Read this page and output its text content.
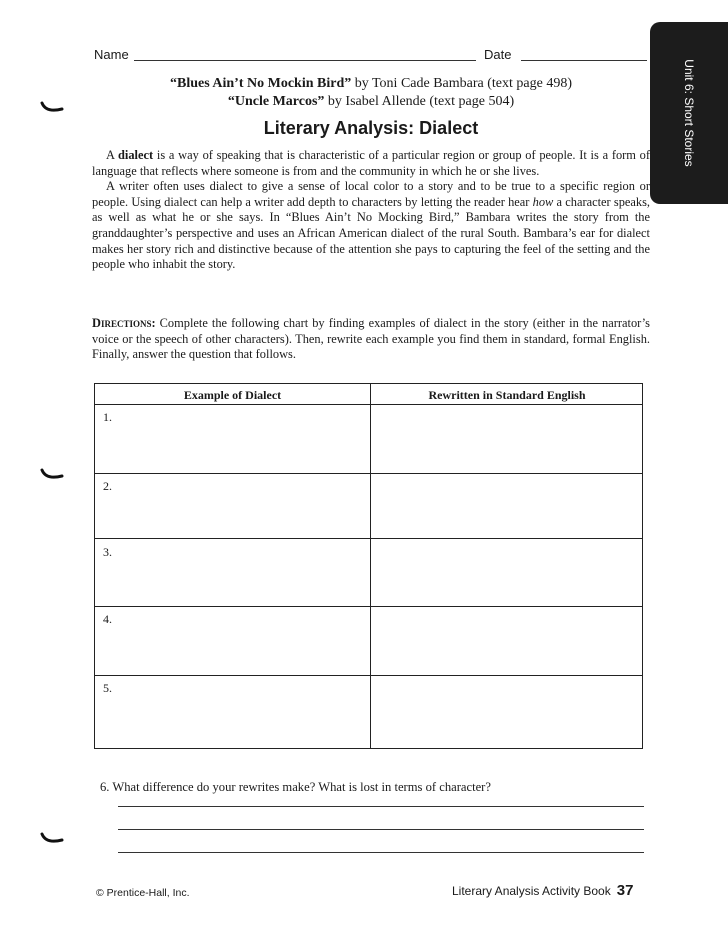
Unit 6: Short Stories
Name	Date
“Blues Ain’t No Mockin Bird” by Toni Cade Bambara (text page 498)
“Uncle Marcos” by Isabel Allende (text page 504)
Literary Analysis: Dialect

A dialect is a way of speaking that is characteristic of a particular region or group of people. It is a form of language that reflects where someone is from and the community in which he or she lives.

A writer often uses dialect to give a sense of local color to a story and to be true to a specific region or people. Using dialect can help a writer add depth to characters by letting the reader hear how a character speaks, as well as what he or she says. In “Blues Ain’t No Mocking Bird,” Bambara writes the story from the granddaughter’s perspective and uses an African American dialect of the rural South. Bambara’s ear for dialect makes her story rich and distinctive because of the attention she pays to capturing the feel of the setting and the people who inhabit the story.

Directions: Complete the following chart by finding examples of dialect in the story (either in the narrator’s voice or the speech of other characters). Then, rewrite each example you find them in standard, formal English. Finally, answer the question that follows.

Example of Dialect	Rewritten in Standard English
1.
2.
3.
4.
5.
6. What difference do your rewrites make? What is lost in terms of character?
© Prentice-Hall, Inc.	Literary Analysis Activity Book 37
